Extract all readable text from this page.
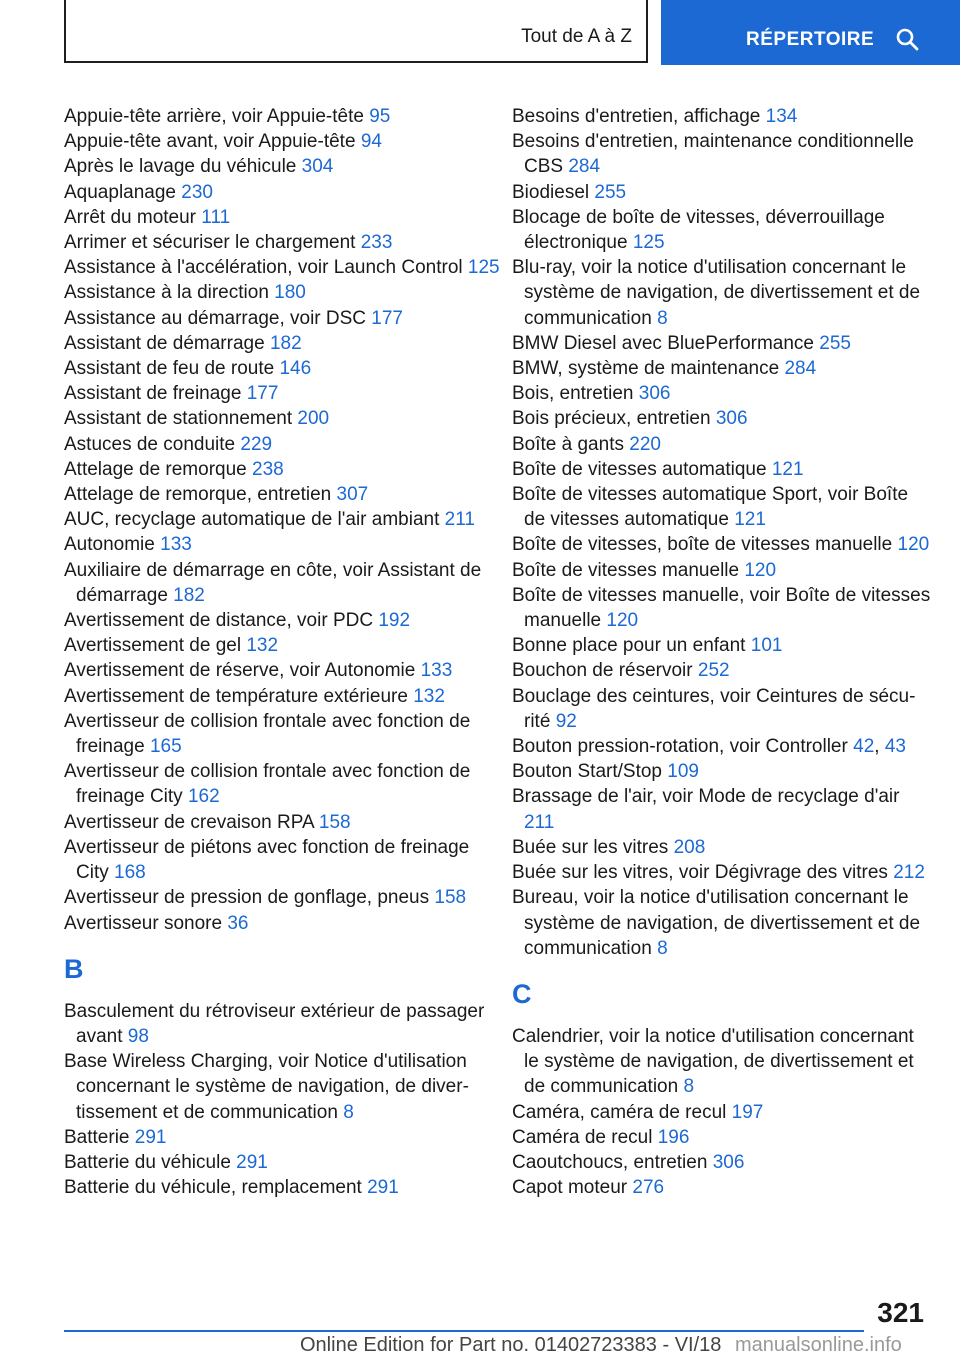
Tout de A à Z	RÉPERTOIRE
Appuie-tête arrière, voir Appuie-tête 95
Appuie-tête avant, voir Appuie-tête 94
Après le lavage du véhicule 304
Aquaplanage 230
Arrêt du moteur 111
Arrimer et sécuriser le chargement 233
Assistance à l'accélération, voir Launch Control 125
Assistance à la direction 180
Assistance au démarrage, voir DSC 177
Assistant de démarrage 182
Assistant de feu de route 146
Assistant de freinage 177
Assistant de stationnement 200
Astuces de conduite 229
Attelage de remorque 238
Attelage de remorque, entretien 307
AUC, recyclage automatique de l'air ambiant 211
Autonomie 133
Auxiliaire de démarrage en côte, voir Assistant de démarrage 182
Avertissement de distance, voir PDC 192
Avertissement de gel 132
Avertissement de réserve, voir Autonomie 133
Avertissement de température extérieure 132
Avertisseur de collision frontale avec fonction de freinage 165
Avertisseur de collision frontale avec fonction de freinage City 162
Avertisseur de crevaison RPA 158
Avertisseur de piétons avec fonction de freinage City 168
Avertisseur de pression de gonflage, pneus 158
Avertisseur sonore 36
B
Basculement du rétroviseur extérieur de passager avant 98
Base Wireless Charging, voir Notice d'utilisation concernant le système de navigation, de divertissement et de communication 8
Batterie 291
Batterie du véhicule 291
Batterie du véhicule, remplacement 291
Besoins d'entretien, affichage 134
Besoins d'entretien, maintenance conditionnelle CBS 284
Biodiesel 255
Blocage de boîte de vitesses, déverrouillage électronique 125
Blu-ray, voir la notice d'utilisation concernant le système de navigation, de divertissement et de communication 8
BMW Diesel avec BluePerformance 255
BMW, système de maintenance 284
Bois, entretien 306
Bois précieux, entretien 306
Boîte à gants 220
Boîte de vitesses automatique 121
Boîte de vitesses automatique Sport, voir Boîte de vitesses automatique 121
Boîte de vitesses, boîte de vitesses manuelle 120
Boîte de vitesses manuelle 120
Boîte de vitesses manuelle, voir Boîte de vitesses manuelle 120
Bonne place pour un enfant 101
Bouchon de réservoir 252
Bouclage des ceintures, voir Ceintures de sécurité 92
Bouton pression-rotation, voir Controller 42, 43
Bouton Start/Stop 109
Brassage de l'air, voir Mode de recyclage d'air 211
Buée sur les vitres 208
Buée sur les vitres, voir Dégivrage des vitres 212
Bureau, voir la notice d'utilisation concernant le système de navigation, de divertissement et de communication 8
C
Calendrier, voir la notice d'utilisation concernant le système de navigation, de divertissement et de communication 8
Caméra, caméra de recul 197
Caméra de recul 196
Caoutchoucs, entretien 306
Capot moteur 276
321
Online Edition for Part no. 01402723383 - VI/18 manualsonline.info
